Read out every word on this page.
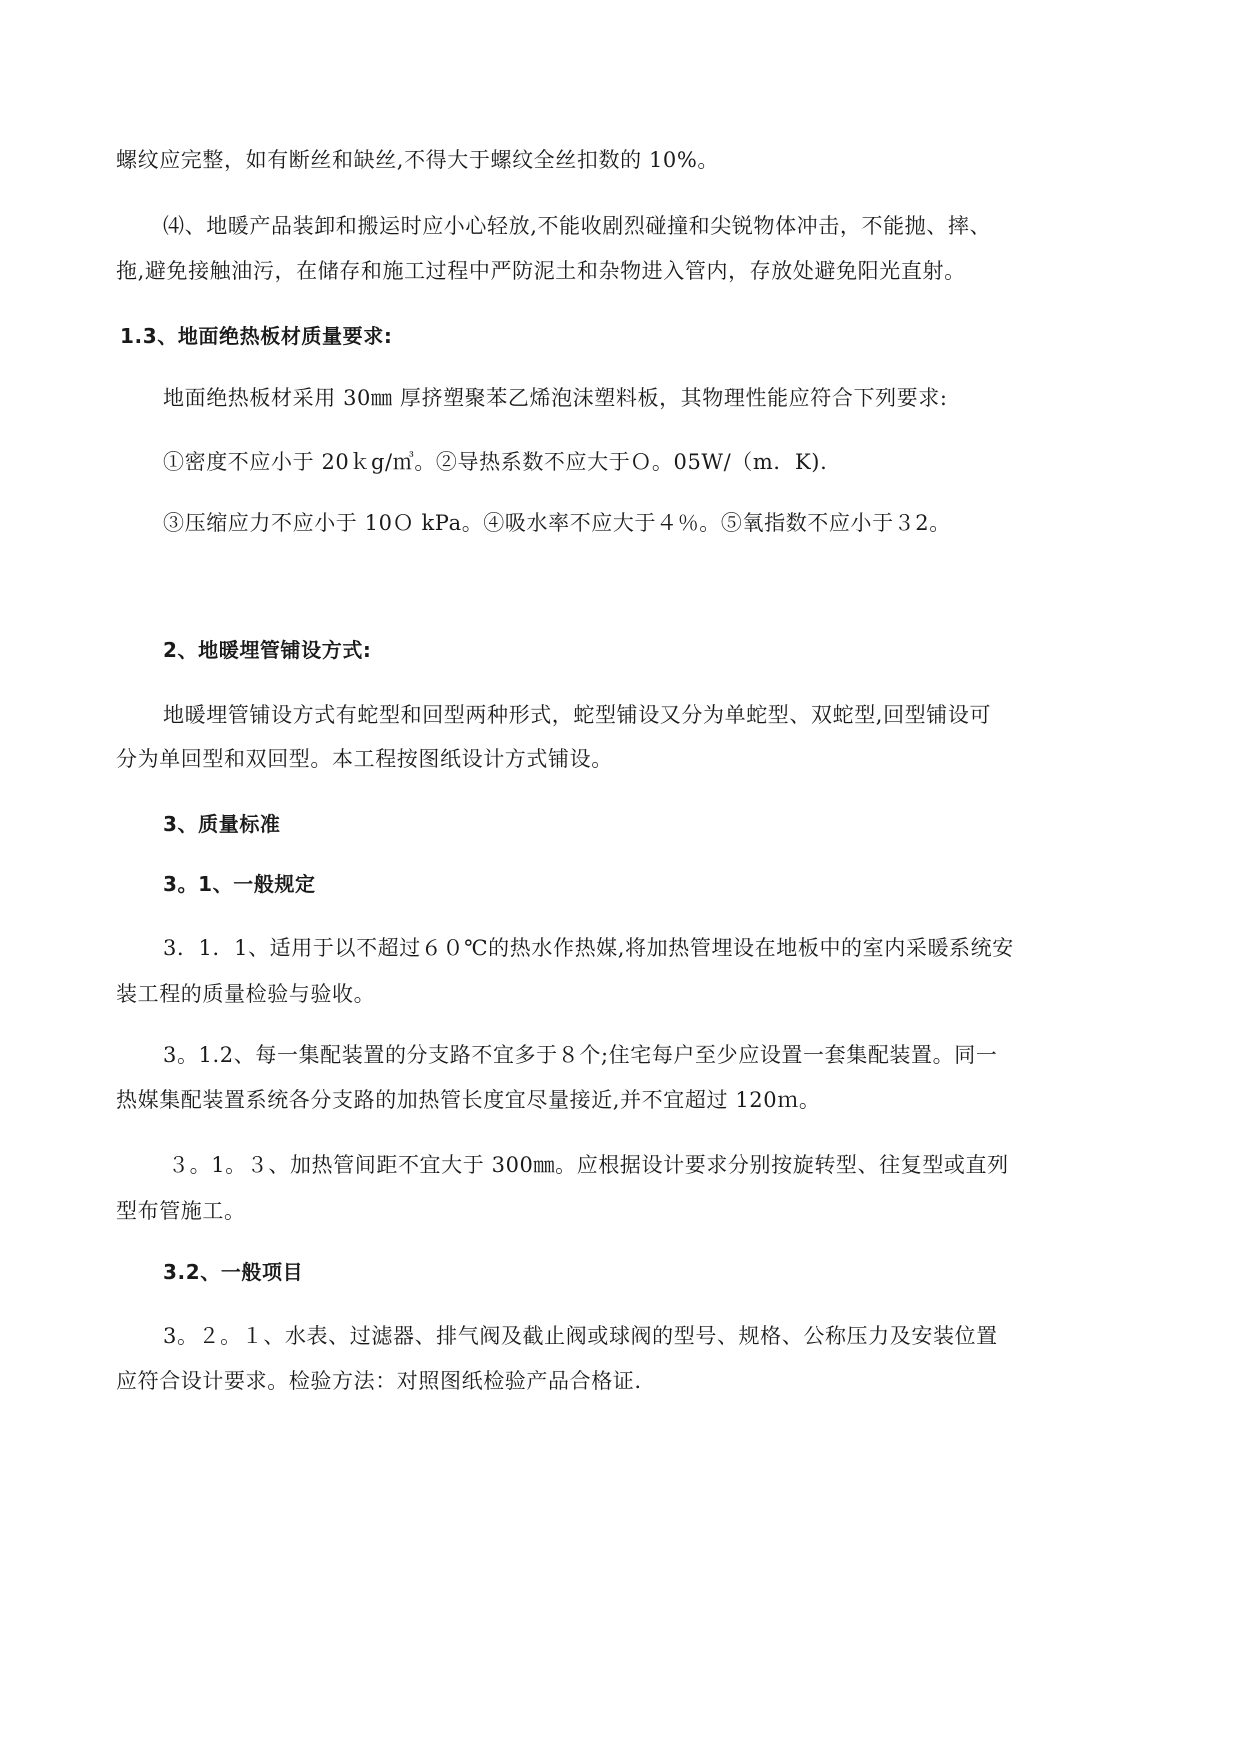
螺纹应完整，如有断丝和缺丝,不得大于螺纹全丝扣数的 10%。
⑷、地暖产品装卸和搬运时应小心轻放,不能收剧烈碰撞和尖锐物体冲击，不能抛、摔、
拖,避免接触油污，在储存和施工过程中严防泥土和杂物进入管内，存放处避免阳光直射。
1.3、地面绝热板材质量要求:
地面绝热板材采用 30㎜ 厚挤塑聚苯乙烯泡沫塑料板，其物理性能应符合下列要求:
①密度不应小于 20ｋg/㎥。②导热系数不应大于Ｏ。05W/（m．K).
③压缩应力不应小于 10Ｏ kPa。④吸水率不应大于４％。⑤氧指数不应小于３2。
2、地暖埋管铺设方式:
地暖埋管铺设方式有蛇型和回型两种形式，蛇型铺设又分为单蛇型、双蛇型,回型铺设可
分为单回型和双回型。本工程按图纸设计方式铺设。
3、质量标准
3。1、一般规定
3．1．1、适用于以不超过６０℃的热水作热媒,将加热管埋设在地板中的室内采暖系统安
装工程的质量检验与验收。
3。1.2、每一集配装置的分支路不宜多于８个;住宅每户至少应设置一套集配装置。同一
热媒集配装置系统各分支路的加热管长度宜尽量接近,并不宜超过 120ｍ。
３。1。３、加热管间距不宜大于 300㎜。应根据设计要求分别按旋转型、往复型或直列
型布管施工。
3.2、一般项目
3。２。１、水表、过滤器、排气阀及截止阀或球阀的型号、规格、公称压力及安装位置
应符合设计要求。检验方法：对照图纸检验产品合格证.
